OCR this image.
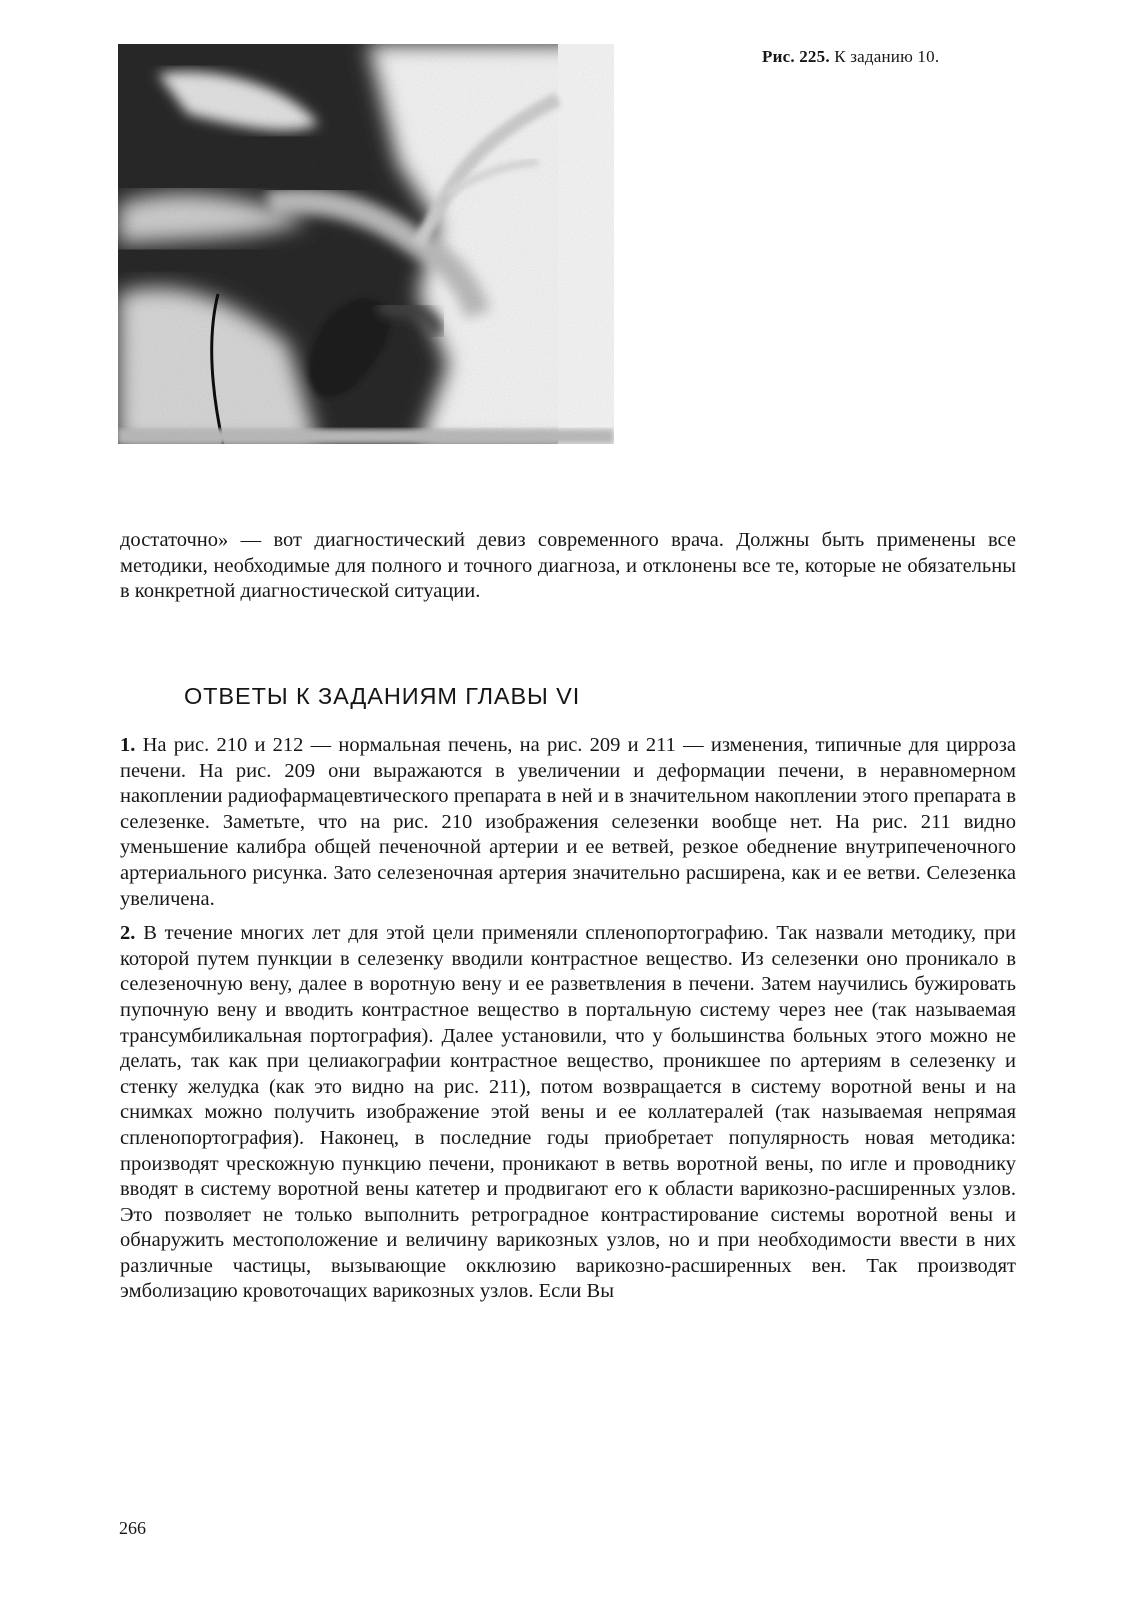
Рис. 225. К заданию 10.

достаточно» — вот диагностический девиз современного врача. Должны быть применены все методики, необходимые для полного и точного диагноза, и отклонены все те, которые не обязательны в конкретной диагностической ситуации.

ОТВЕТЫ К ЗАДАНИЯМ ГЛАВЫ VI

1. На рис. 210 и 212 — нормальная печень, на рис. 209 и 211 — изменения, типичные для цирроза печени. На рис. 209 они выражаются в увеличении и деформации печени, в неравномерном накоплении радиофармацевтического препарата в ней и в значительном накоплении этого препарата в селезенке. Заметьте, что на рис. 210 изображения селезенки вообще нет. На рис. 211 видно уменьшение калибра общей печеночной артерии и ее ветвей, резкое обеднение внутрипеченочного артериального рисунка. Зато селезеночная артерия значительно расширена, как и ее ветви. Селезенка увеличена.

2. В течение многих лет для этой цели применяли спленопортографию. Так назвали методику, при которой путем пункции в селезенку вводили контрастное вещество. Из селезенки оно проникало в селезеночную вену, далее в воротную вену и ее разветвления в печени. Затем научились бужировать пупочную вену и вводить контрастное вещество в портальную систему через нее (так называемая трансумбиликальная портография). Далее установили, что у большинства больных этого можно не делать, так как при целиакографии контрастное вещество, проникшее по артериям в селезенку и стенку желудка (как это видно на рис. 211), потом возвращается в систему воротной вены и на снимках можно получить изображение этой вены и ее коллатералей (так называемая непрямая спленопортография). Наконец, в последние годы приобретает популярность новая методика: производят чрескожную пункцию печени, проникают в ветвь воротной вены, по игле и проводнику вводят в систему воротной вены катетер и продвигают его к области варикозно-расширенных узлов. Это позволяет не только выполнить ретроградное контрастирование системы воротной вены и обнаружить местоположение и величину варикозных узлов, но и при необходимости ввести в них различные частицы, вызывающие окклюзию варикозно-расширенных вен. Так производят эмболизацию кровоточащих варикозных узлов. Если Вы

266
